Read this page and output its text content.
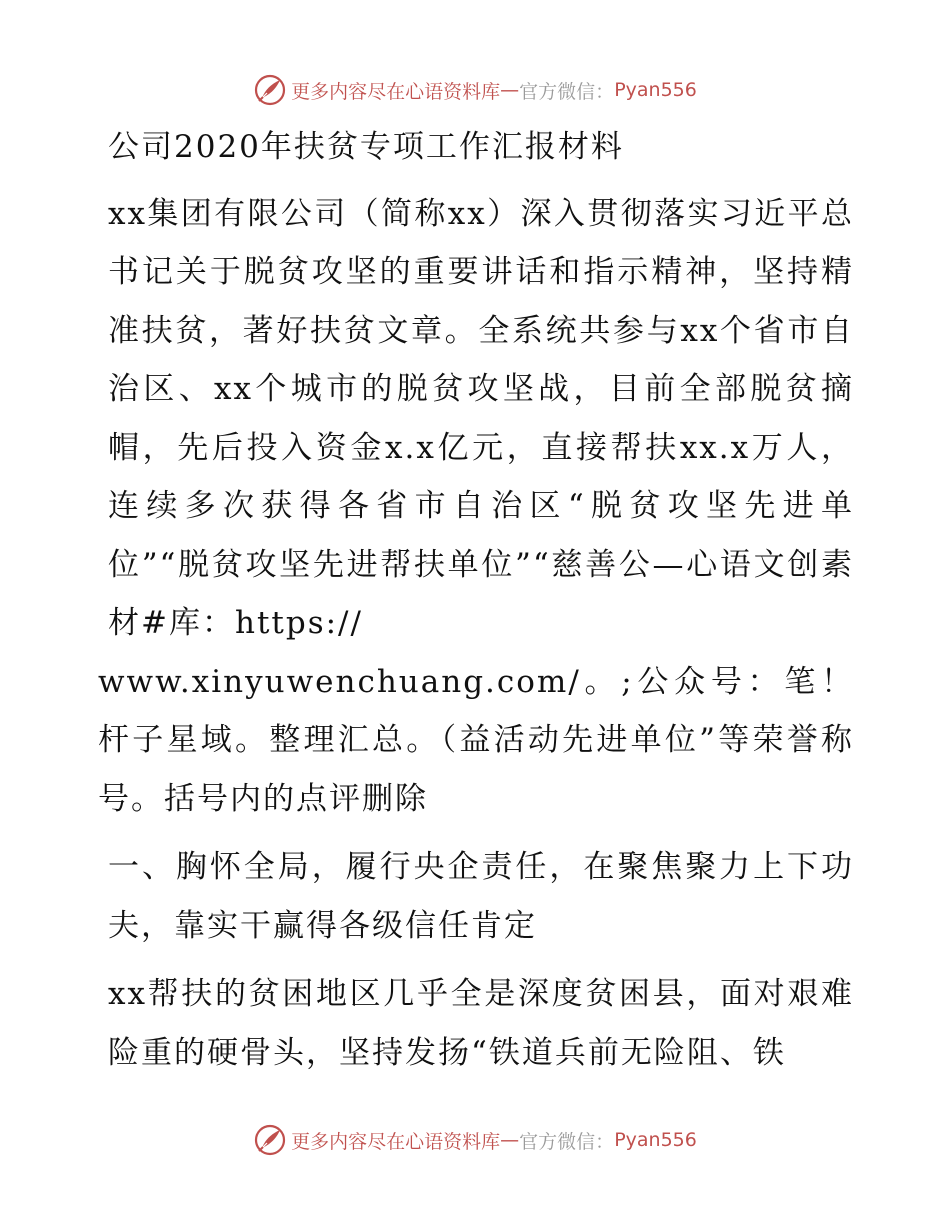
更多内容尽在心语资料库 — 官方微信： Pyan556

公司2020年扶贫专项工作汇报材料

xx集团有限公司（简称xx）深入贯彻落实习近平总书记关于脱贫攻坚的重要讲话和指示精神，坚持精准扶贫，著好扶贫文章。全系统共参与xx个省市自治区、xx个城市的脱贫攻坚战，目前全部脱贫摘帽，先后投入资金x.x亿元，直接帮扶xx.x万人，连续多次获得各省市自治区“脱贫攻坚先进单位”“脱贫攻坚先进帮扶单位”“慈善公—心语文创素材#库：https://

www.xinyuwenchuang.com/。;公众号：笔！杆子星域。整理汇总。（益活动先进单位”等荣誉称号。括号内的点评删除

一、胸怀全局，履行央企责任，在聚焦聚力上下功夫，靠实干赢得各级信任肯定

xx帮扶的贫困地区几乎全是深度贫困县，面对艰难险重的硬骨头，坚持发扬“铁道兵前无险阻、铁

更多内容尽在心语资料库 — 官方微信： Pyan556
